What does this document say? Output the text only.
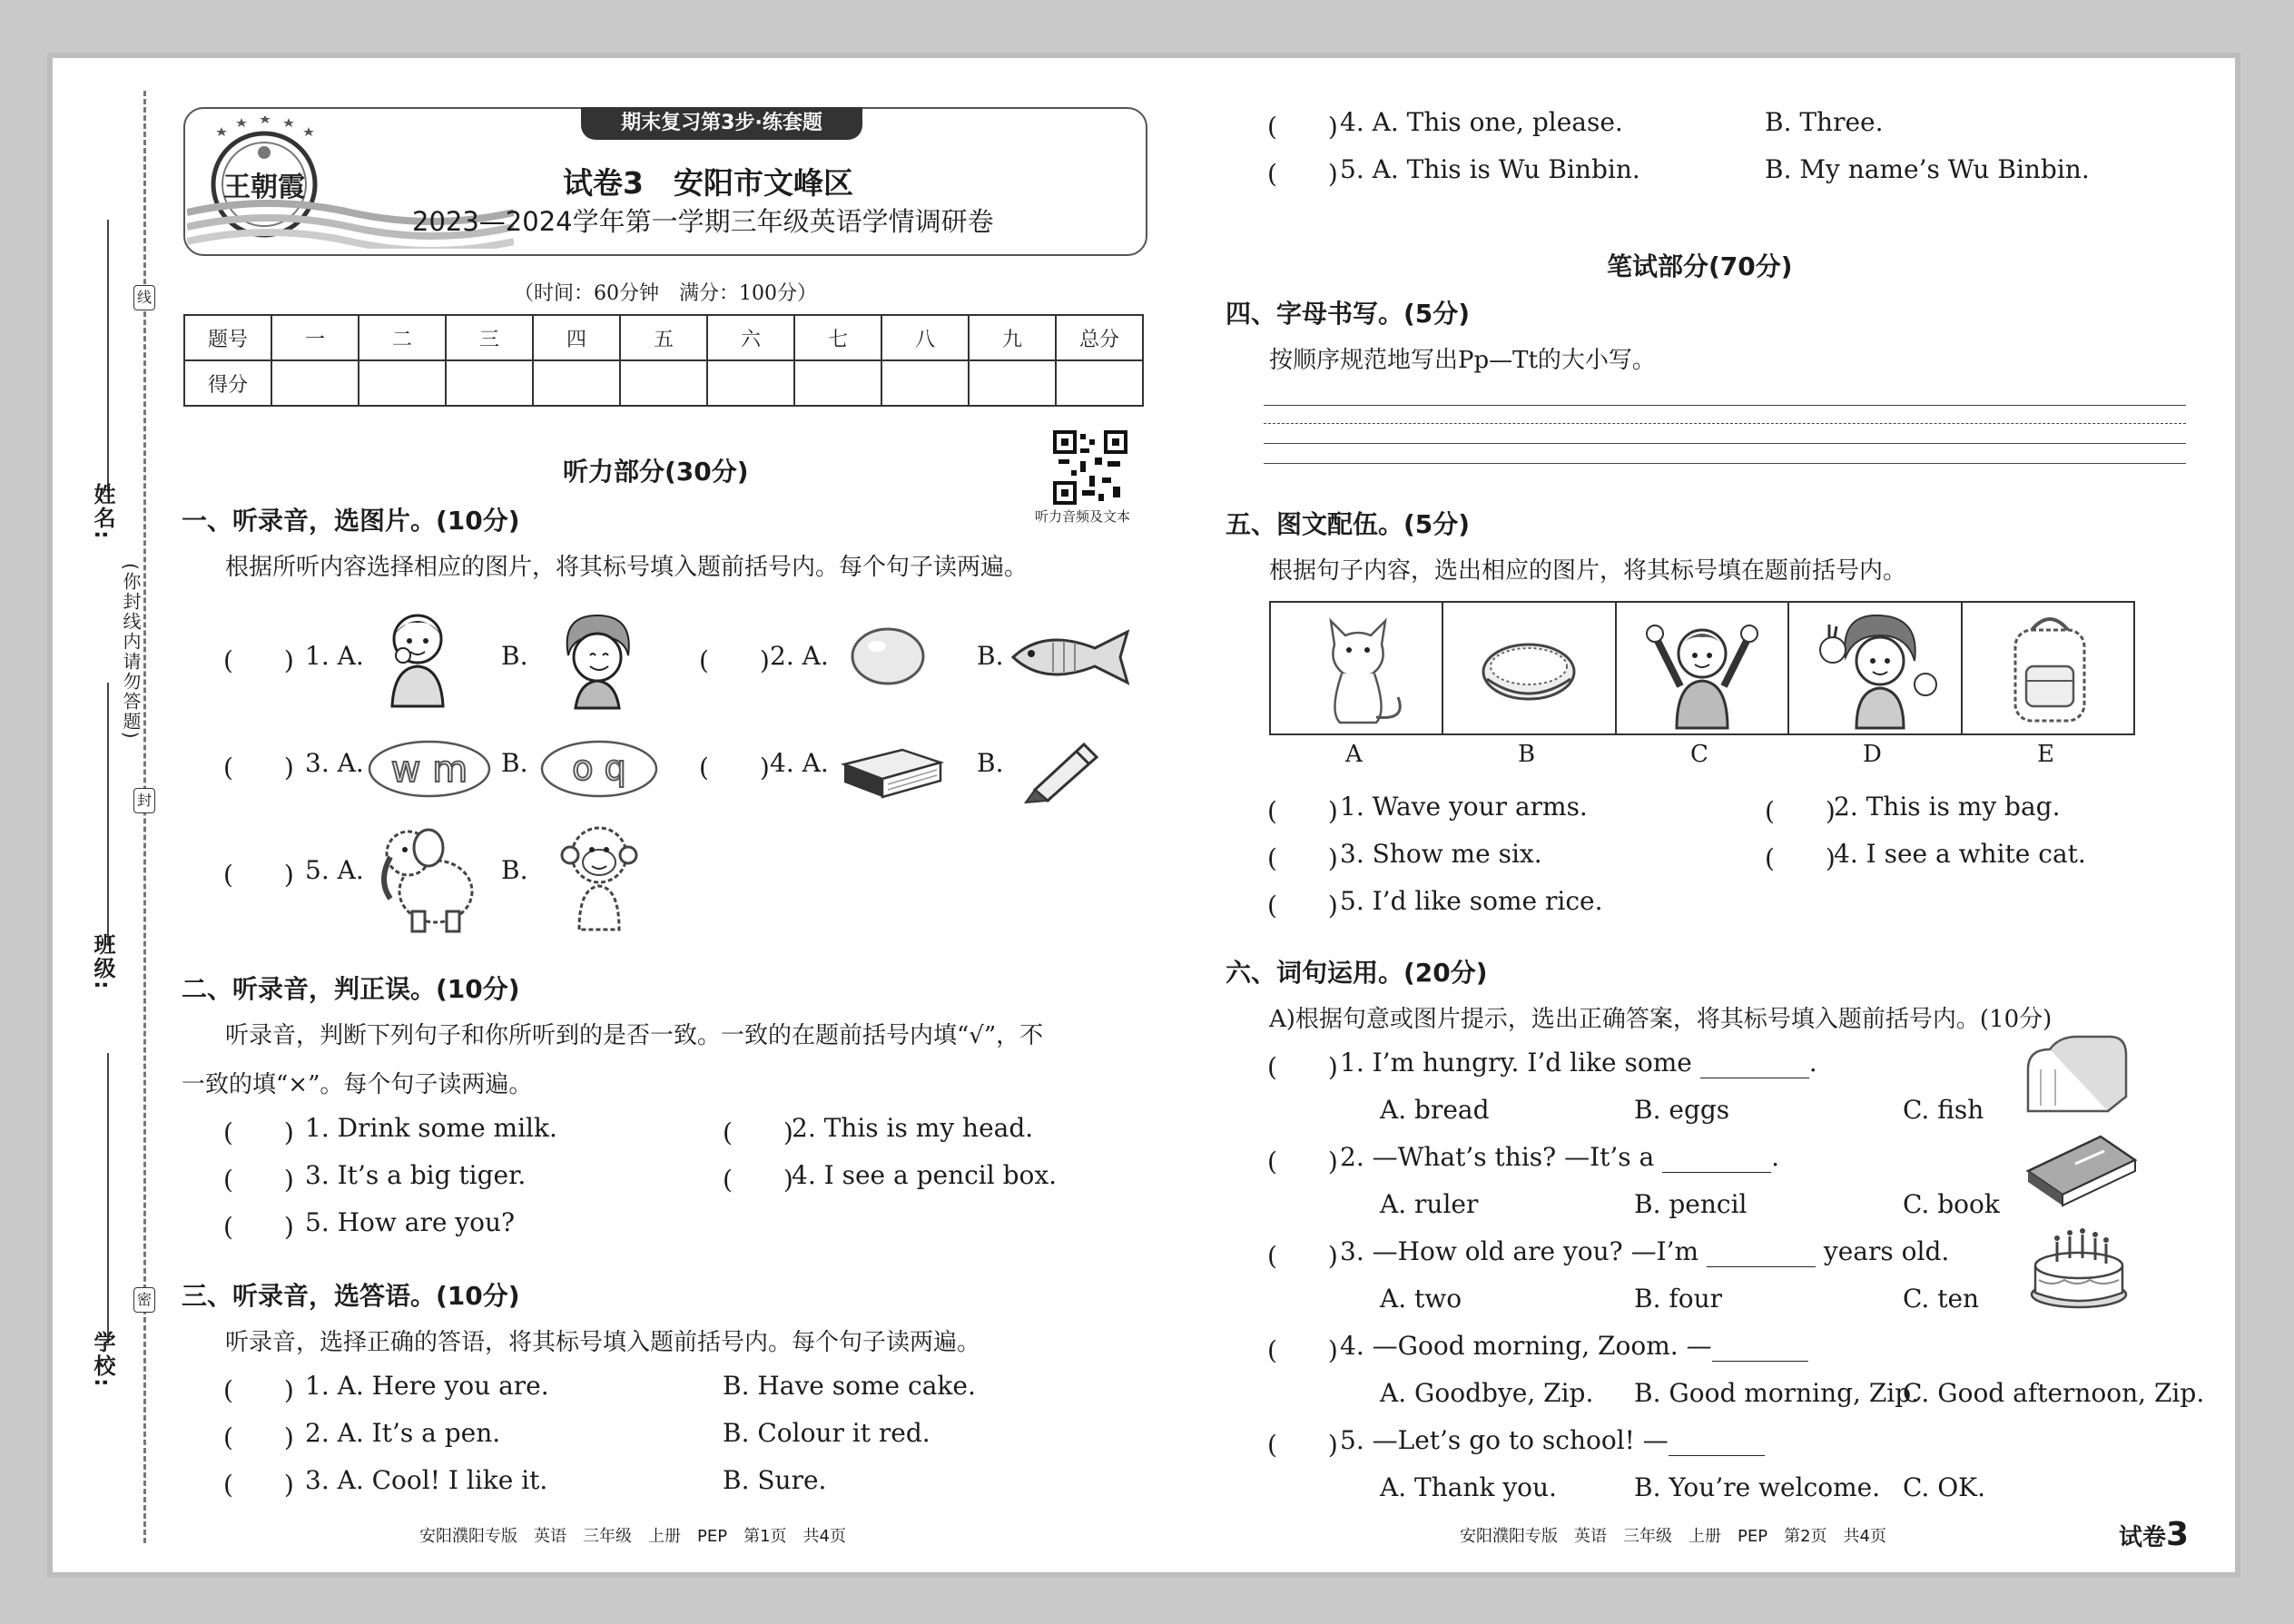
线
封
密
(你封线内请勿答题)
姓名:
班级:
学校:
期末复习第3步·练套题
王朝霞	试卷3　安阳市文峰区
2023—2024学年第一学期三年级英语学情调研卷
（时间：60分钟　满分：100分）
题号	一	二	三	四	五	六	七	八	九	总分
得分										
听力音频及文本
听力部分(30分)
一、听录音，选图片。(10分)
根据所听内容选择相应的图片，将其标号填入题前括号内。每个句子读两遍。
(　　) 1. A.	B.	(　　) 2. A.	B.
(　　) 3. A. w m B. o q	(　　) 4. A.	B.
(　　) 5. A.	B.
二、听录音，判正误。(10分)
听录音，判断下列句子和你所听到的是否一致。一致的在题前括号内填“√”，不
一致的填“×”。每个句子读两遍。
(　　) 1. Drink some milk.	(　　)
2. This is my head.
(　　) 3. It’s a big tiger.	(　　)
4. I see a pencil box.
(　　) 5. How are you?
三、听录音，选答语。(10分)
听录音，选择正确的答语，将其标号填入题前括号内。每个句子读两遍。
(　　) 1. A. Here you are.	B. Have some cake.
(　　) 2. A. It’s a pen.	B. Colour it red.
(　　) 3. A. Cool! I like it.	B. Sure.
安阳濮阳专版　英语　三年级　上册　PEP　第1页　共4页
(　　) 4. A. This one, please.	B. Three.
(　　) 5. A. This is Wu Binbin.	B. My name’s Wu Binbin.
笔试部分(70分)
四、字母书写。(5分)
按顺序规范地写出Pp—Tt的大小写。
五、图文配伍。(5分)
根据句子内容，选出相应的图片，将其标号填在题前括号内。
A	B	C	D	E
(　　) 1. Wave your arms.	(　　)
2. This is my bag.
(　　) 3. Show me six.	(　　)
4. I see a white cat.
(　　) 5. I’d like some rice.
六、词句运用。(20分)
A)根据句意或图片提示，选出正确答案，将其标号填入题前括号内。(10分)
(　　) 1. I’m hungry. I’d like some	.
A. bread	B. eggs	C. fish
(　　) 2. —What’s this? —It’s a	.
A. ruler	B. pencil	C. book
(　　) 3. —How old are you? —I’m	years old.
A. two	B. four	C. ten
(　　) 4. —Good morning, Zoom. —
A. Goodbye, Zip. B. Good morning, Zip.
C. Good afternoon, Zip.
(　　) 5. —Let’s go to school! —
A. Thank you.	B. You’re welcome. C. OK.
安阳濮阳专版　英语　三年级　上册　PEP　第2页　共4页	试卷3
